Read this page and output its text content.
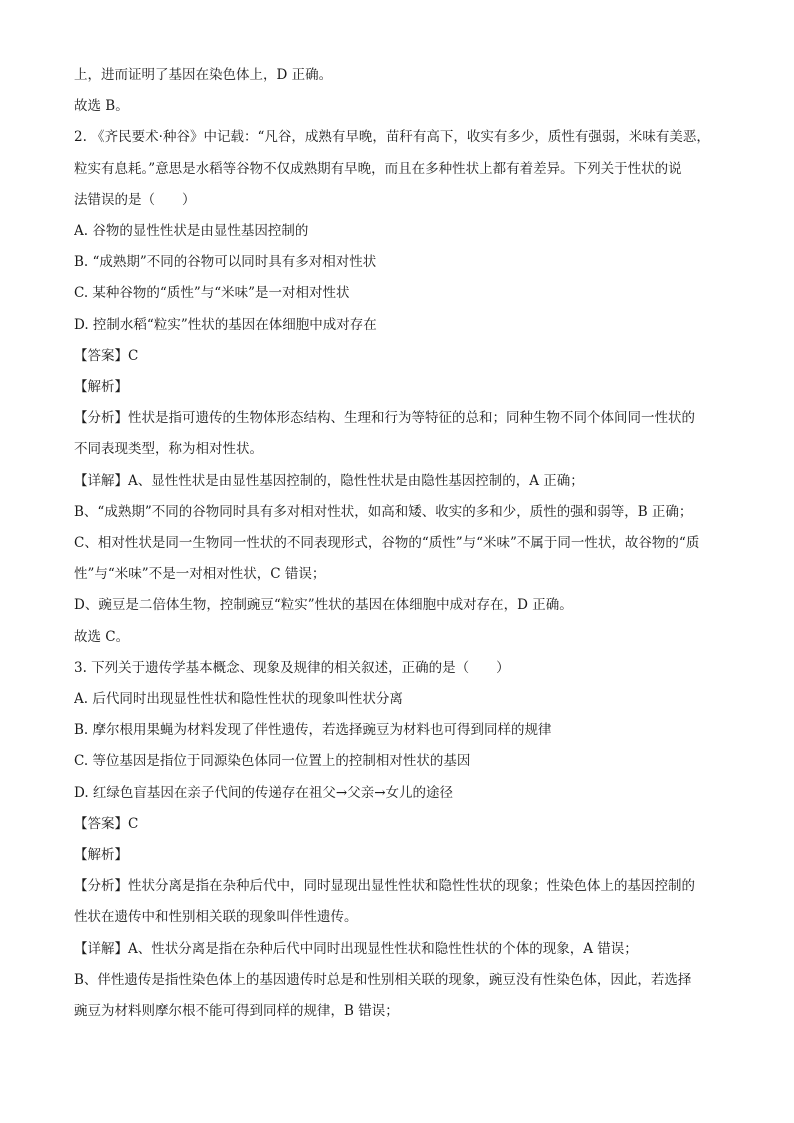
上，进而证明了基因在染色体上，D 正确。

故选 B。

2. 《齐民要术·种谷》中记载：“凡谷，成熟有早晚，苗秆有高下，收实有多少，质性有强弱，米味有美恶，

粒实有息耗。”意思是水稻等谷物不仅成熟期有早晚，而且在多种性状上都有着差异。下列关于性状的说

法错误的是（　　）

A. 谷物的显性性状是由显性基因控制的

B. “成熟期”不同的谷物可以同时具有多对相对性状

C. 某种谷物的“质性”与“米味”是一对相对性状

D. 控制水稻“粒实”性状的基因在体细胞中成对存在

【答案】C

【解析】

【分析】性状是指可遗传的生物体形态结构、生理和行为等特征的总和；同种生物不同个体间同一性状的

不同表现类型，称为相对性状。

【详解】A、显性性状是由显性基因控制的，隐性性状是由隐性基因控制的，A 正确；

B、“成熟期”不同的谷物同时具有多对相对性状，如高和矮、收实的多和少，质性的强和弱等，B 正确；

C、相对性状是同一生物同一性状的不同表现形式，谷物的“质性”与“米味”不属于同一性状，故谷物的“质

性”与“米味”不是一对相对性状，C 错误；

D、豌豆是二倍体生物，控制豌豆“粒实”性状的基因在体细胞中成对存在，D 正确。

故选 C。

3. 下列关于遗传学基本概念、现象及规律的相关叙述，正确的是（　　）

A. 后代同时出现显性性状和隐性性状的现象叫性状分离

B. 摩尔根用果蝇为材料发现了伴性遗传，若选择豌豆为材料也可得到同样的规律

C. 等位基因是指位于同源染色体同一位置上的控制相对性状的基因

D. 红绿色盲基因在亲子代间的传递存在祖父→父亲→女儿的途径

【答案】C

【解析】

【分析】性状分离是指在杂种后代中，同时显现出显性性状和隐性性状的现象；性染色体上的基因控制的

性状在遗传中和性别相关联的现象叫伴性遗传。

【详解】A、性状分离是指在杂种后代中同时出现显性性状和隐性性状的个体的现象，A 错误；

B、伴性遗传是指性染色体上的基因遗传时总是和性别相关联的现象，豌豆没有性染色体，因此，若选择

豌豆为材料则摩尔根不能可得到同样的规律，B 错误；
